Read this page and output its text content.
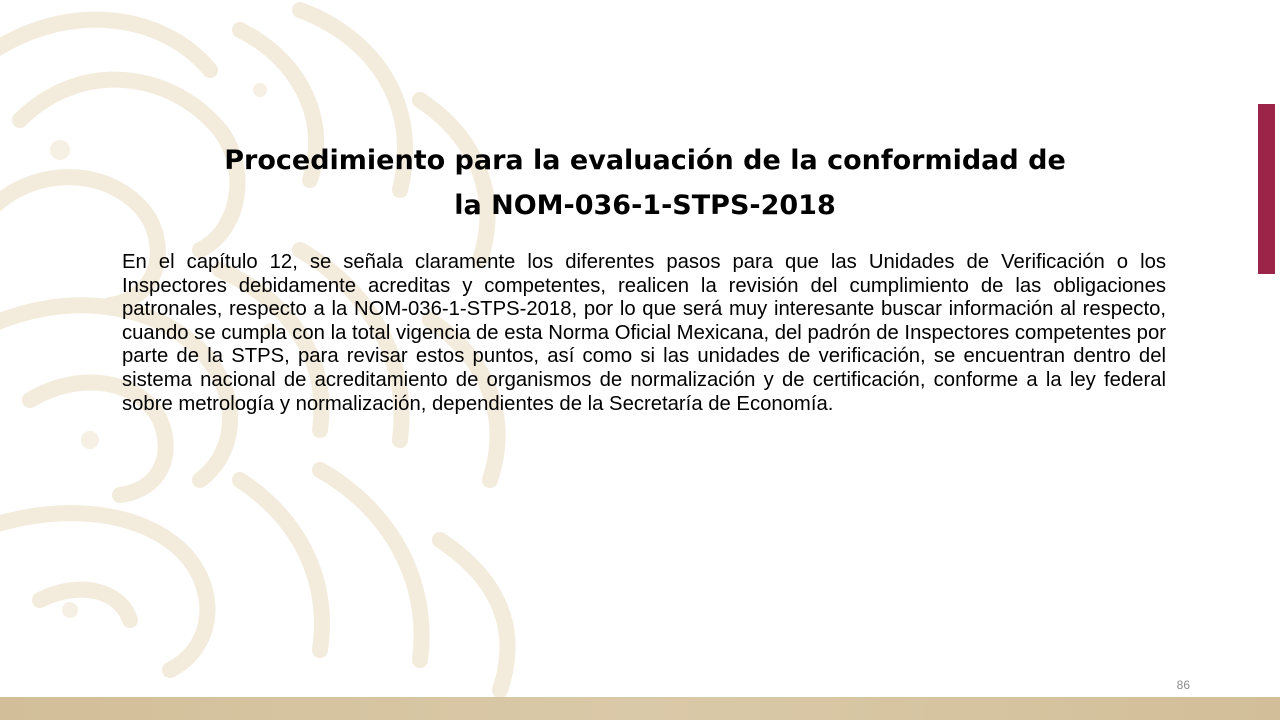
Procedimiento para la evaluación de la conformidad de
la NOM-036-1-STPS-2018

En el capítulo 12, se señala claramente los diferentes pasos para que las Unidades de Verificación o los Inspectores debidamente acreditas y competentes, realicen la revisión del cumplimiento de las obligaciones patronales, respecto a la NOM-036-1-STPS-2018, por lo que será muy interesante buscar información al respecto, cuando se cumpla con la total vigencia de esta Norma Oficial Mexicana, del padrón de Inspectores competentes por parte de la STPS, para revisar estos puntos, así como si las unidades de verificación, se encuentran dentro del sistema nacional de acreditamiento de organismos de normalización y de certificación, conforme a la ley federal sobre metrología y normalización, dependientes de la Secretaría de Economía.

86
